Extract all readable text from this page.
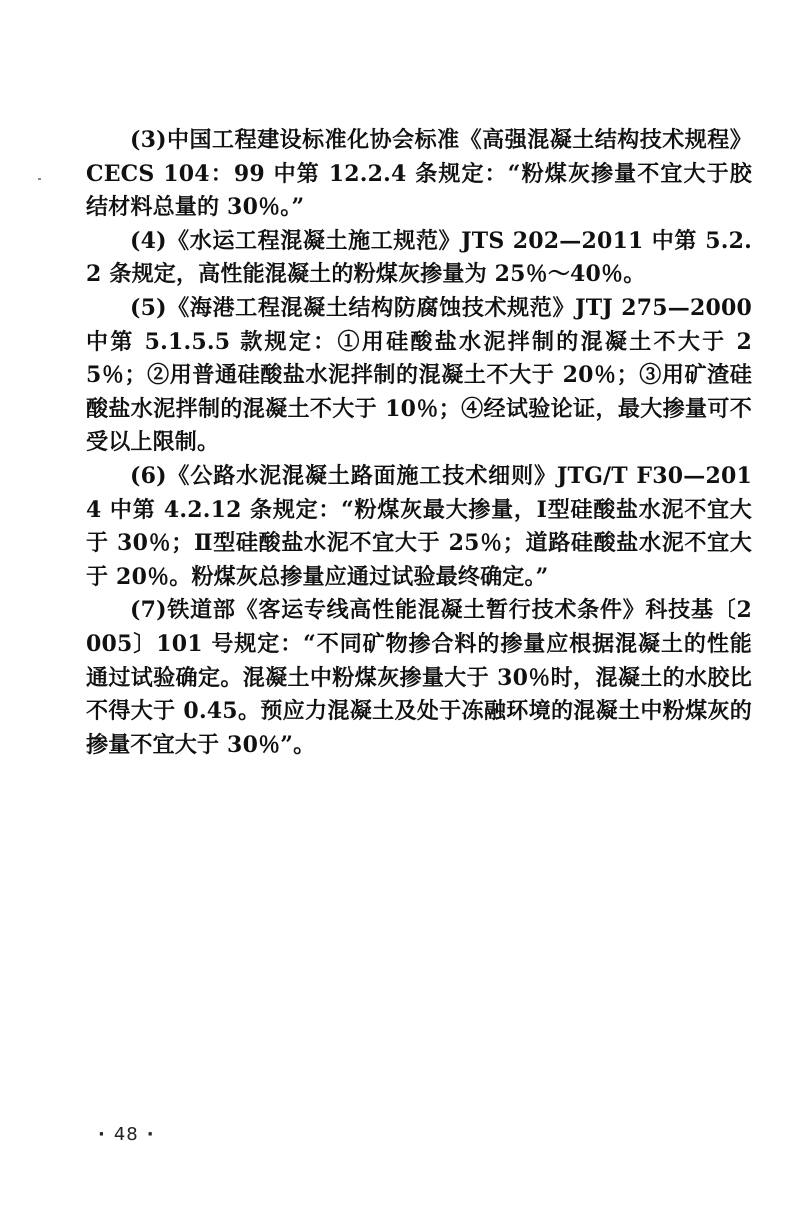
(3)中国工程建设标准化协会标准《高强混凝土结构技术规程》CECS 104：99 中第 12.2.4 条规定：“粉煤灰掺量不宜大于胶结材料总量的 30％。”

(4)《水运工程混凝土施工规范》JTS 202—2011 中第 5.2.2 条规定，高性能混凝土的粉煤灰掺量为 25％～40％。

(5)《海港工程混凝土结构防腐蚀技术规范》JTJ 275—2000 中第 5.1.5.5 款规定：①用硅酸盐水泥拌制的混凝土不大于 25％；②用普通硅酸盐水泥拌制的混凝土不大于 20％；③用矿渣硅酸盐水泥拌制的混凝土不大于 10％；④经试验论证，最大掺量可不受以上限制。

(6)《公路水泥混凝土路面施工技术细则》JTG/T F30—2014 中第 4.2.12 条规定：“粉煤灰最大掺量，Ⅰ型硅酸盐水泥不宜大于 30％；Ⅱ型硅酸盐水泥不宜大于 25％；道路硅酸盐水泥不宜大于 20％。粉煤灰总掺量应通过试验最终确定。”

(7)铁道部《客运专线高性能混凝土暂行技术条件》科技基〔2005〕101 号规定：“不同矿物掺合料的掺量应根据混凝土的性能通过试验确定。混凝土中粉煤灰掺量大于 30％时，混凝土的水胶比不得大于 0.45。预应力混凝土及处于冻融环境的混凝土中粉煤灰的掺量不宜大于 30％”。

· 48 ·
